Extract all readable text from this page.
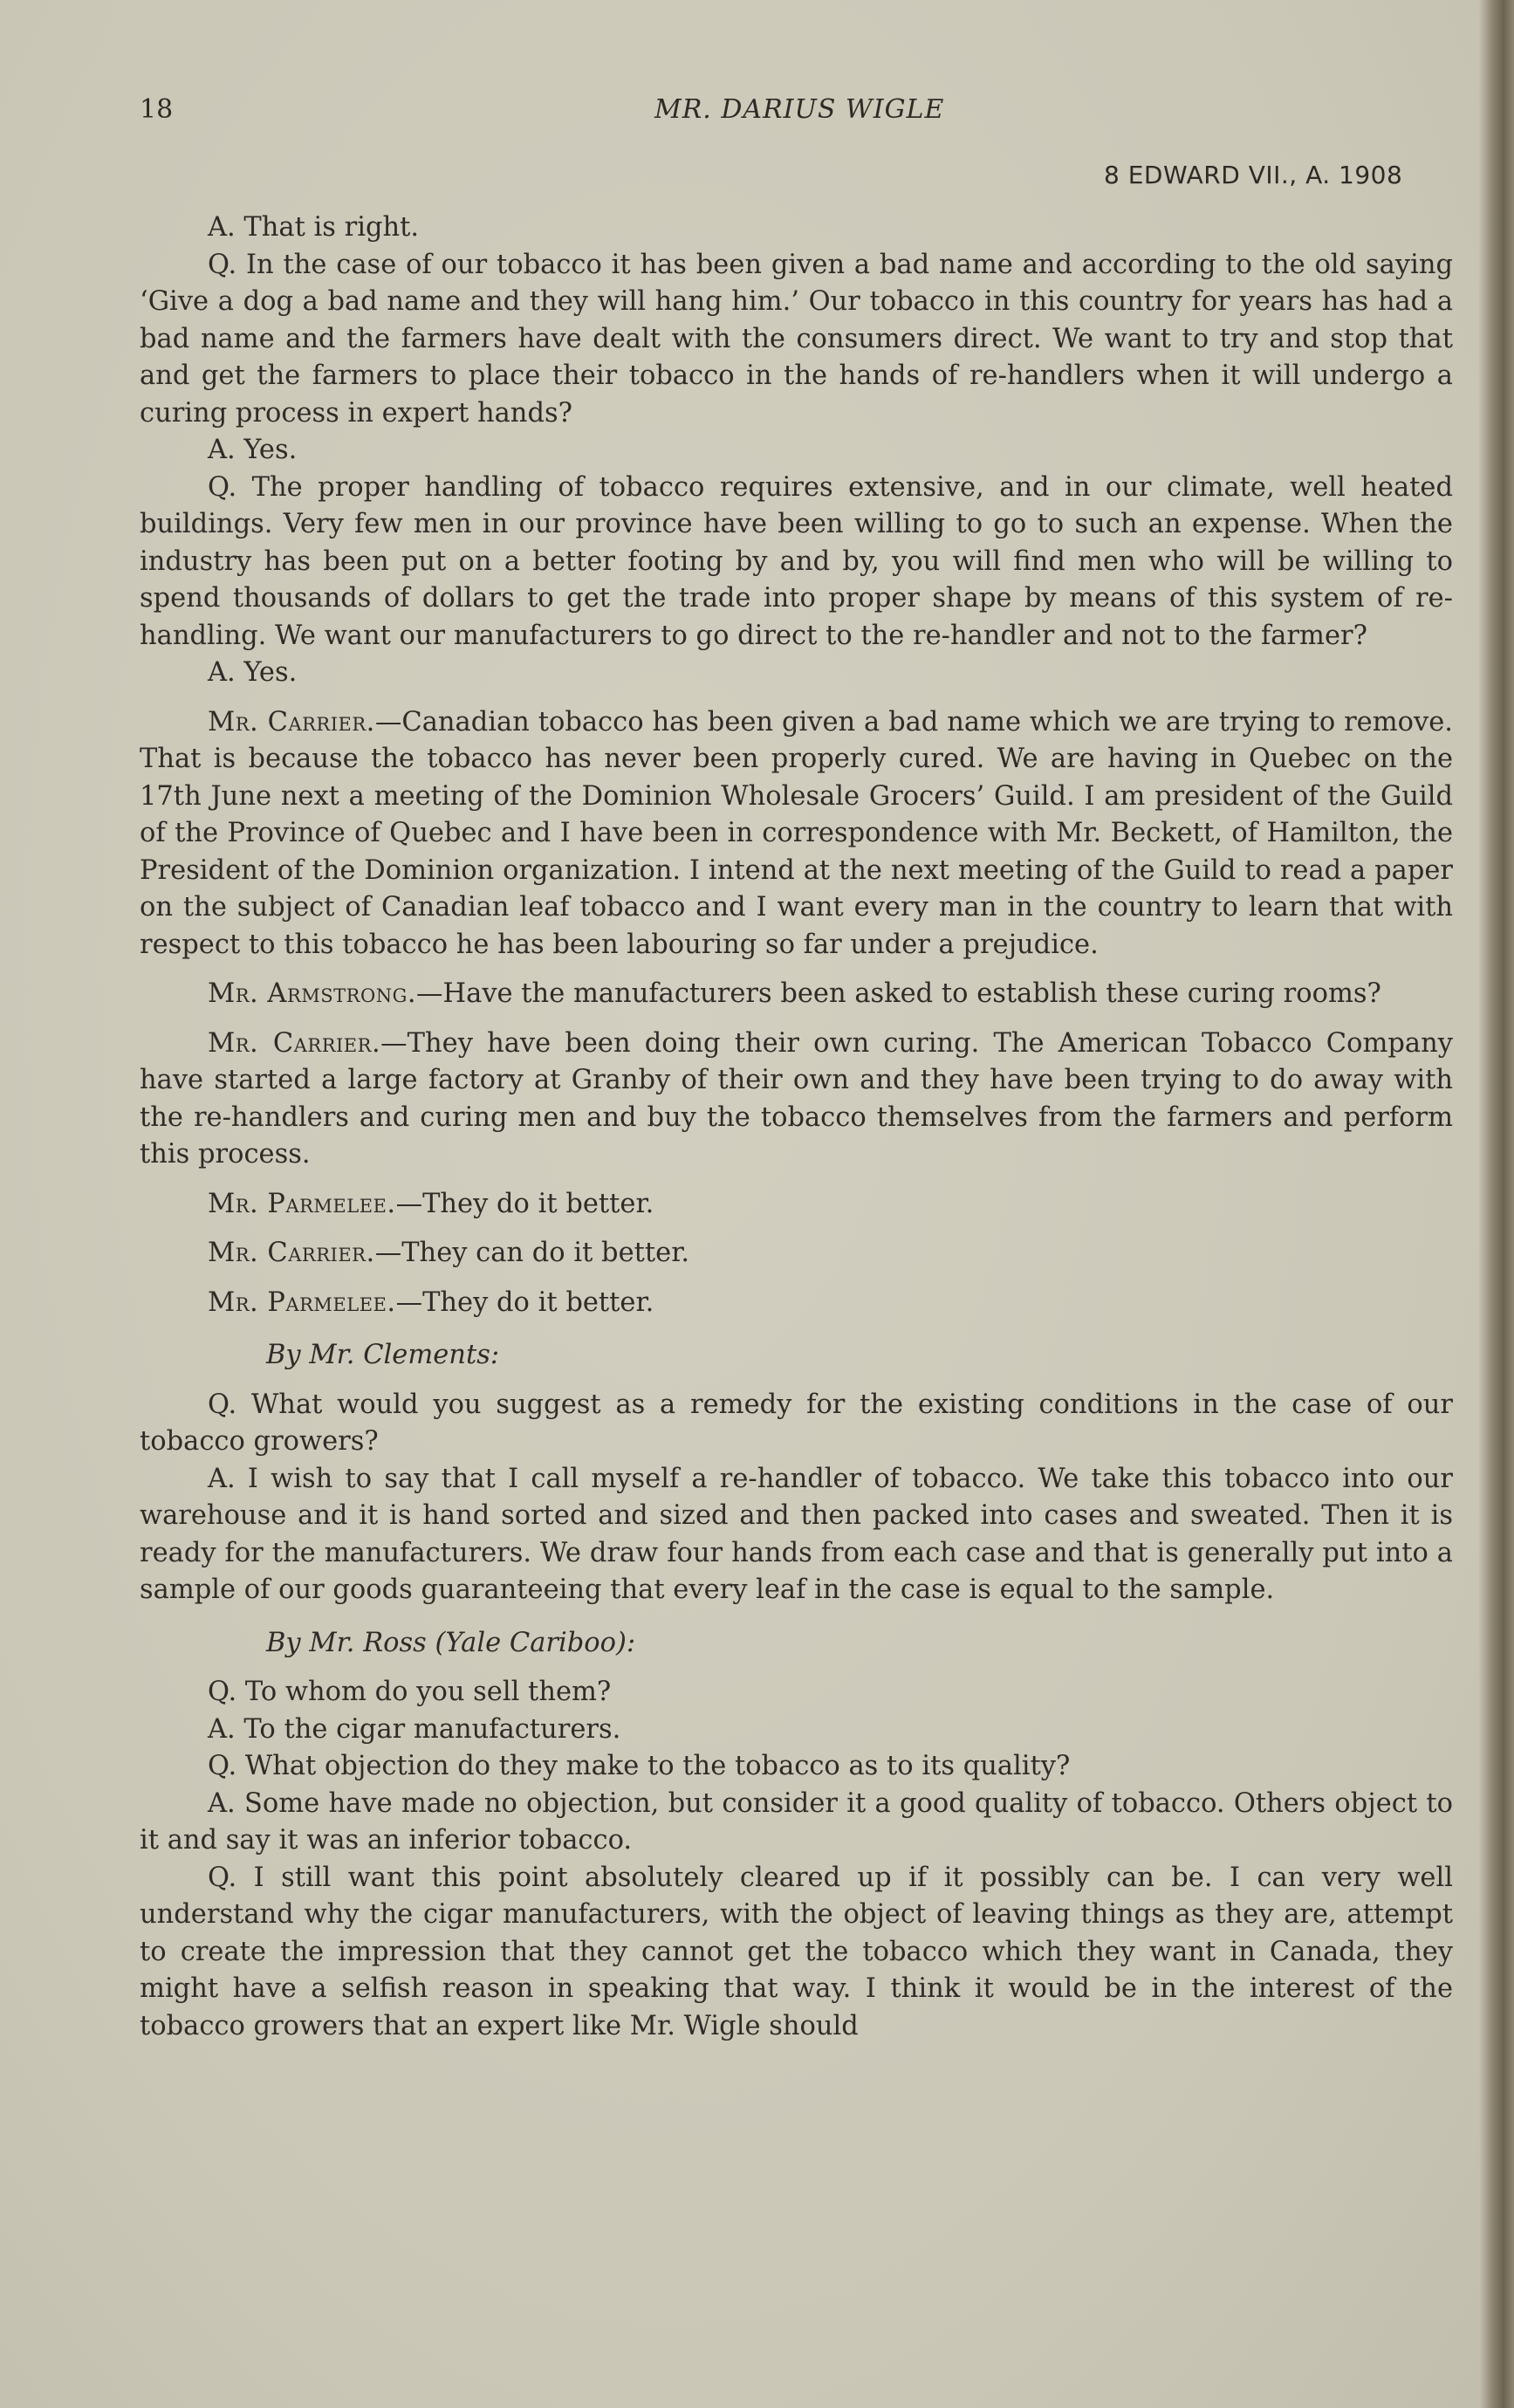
18	MR. DARIUS WIGLE
8 EDWARD VII., A. 1908

A. That is right.

Q. In the case of our tobacco it has been given a bad name and according to the old saying ‘Give a dog a bad name and they will hang him.’ Our tobacco in this country for years has had a bad name and the farmers have dealt with the consumers direct. We want to try and stop that and get the farmers to place their tobacco in the hands of re-handlers when it will undergo a curing process in expert hands?

A. Yes.

Q. The proper handling of tobacco requires extensive, and in our climate, well heated buildings. Very few men in our province have been willing to go to such an expense. When the industry has been put on a better footing by and by, you will find men who will be willing to spend thousands of dollars to get the trade into proper shape by means of this system of re-handling. We want our manufacturers to go direct to the re-handler and not to the farmer?

A. Yes.

Mr. Carrier.—Canadian tobacco has been given a bad name which we are trying to remove. That is because the tobacco has never been properly cured. We are having in Quebec on the 17th June next a meeting of the Dominion Wholesale Grocers’ Guild. I am president of the Guild of the Province of Quebec and I have been in correspondence with Mr. Beckett, of Hamilton, the President of the Dominion organization. I intend at the next meeting of the Guild to read a paper on the subject of Canadian leaf tobacco and I want every man in the country to learn that with respect to this tobacco he has been labouring so far under a prejudice.

Mr. Armstrong.—Have the manufacturers been asked to establish these curing rooms?

Mr. Carrier.—They have been doing their own curing. The American Tobacco Company have started a large factory at Granby of their own and they have been trying to do away with the re-handlers and curing men and buy the tobacco themselves from the farmers and perform this process.

Mr. Parmelee.—They do it better.

Mr. Carrier.—They can do it better.

Mr. Parmelee.—They do it better.

By Mr. Clements:

Q. What would you suggest as a remedy for the existing conditions in the case of our tobacco growers?

A. I wish to say that I call myself a re-handler of tobacco. We take this tobacco into our warehouse and it is hand sorted and sized and then packed into cases and sweated. Then it is ready for the manufacturers. We draw four hands from each case and that is generally put into a sample of our goods guaranteeing that every leaf in the case is equal to the sample.

By Mr. Ross (Yale Cariboo):

Q. To whom do you sell them?

A. To the cigar manufacturers.

Q. What objection do they make to the tobacco as to its quality?

A. Some have made no objection, but consider it a good quality of tobacco. Others object to it and say it was an inferior tobacco.

Q. I still want this point absolutely cleared up if it possibly can be. I can very well understand why the cigar manufacturers, with the object of leaving things as they are, attempt to create the impression that they cannot get the tobacco which they want in Canada, they might have a selfish reason in speaking that way. I think it would be in the interest of the tobacco growers that an expert like Mr. Wigle should
